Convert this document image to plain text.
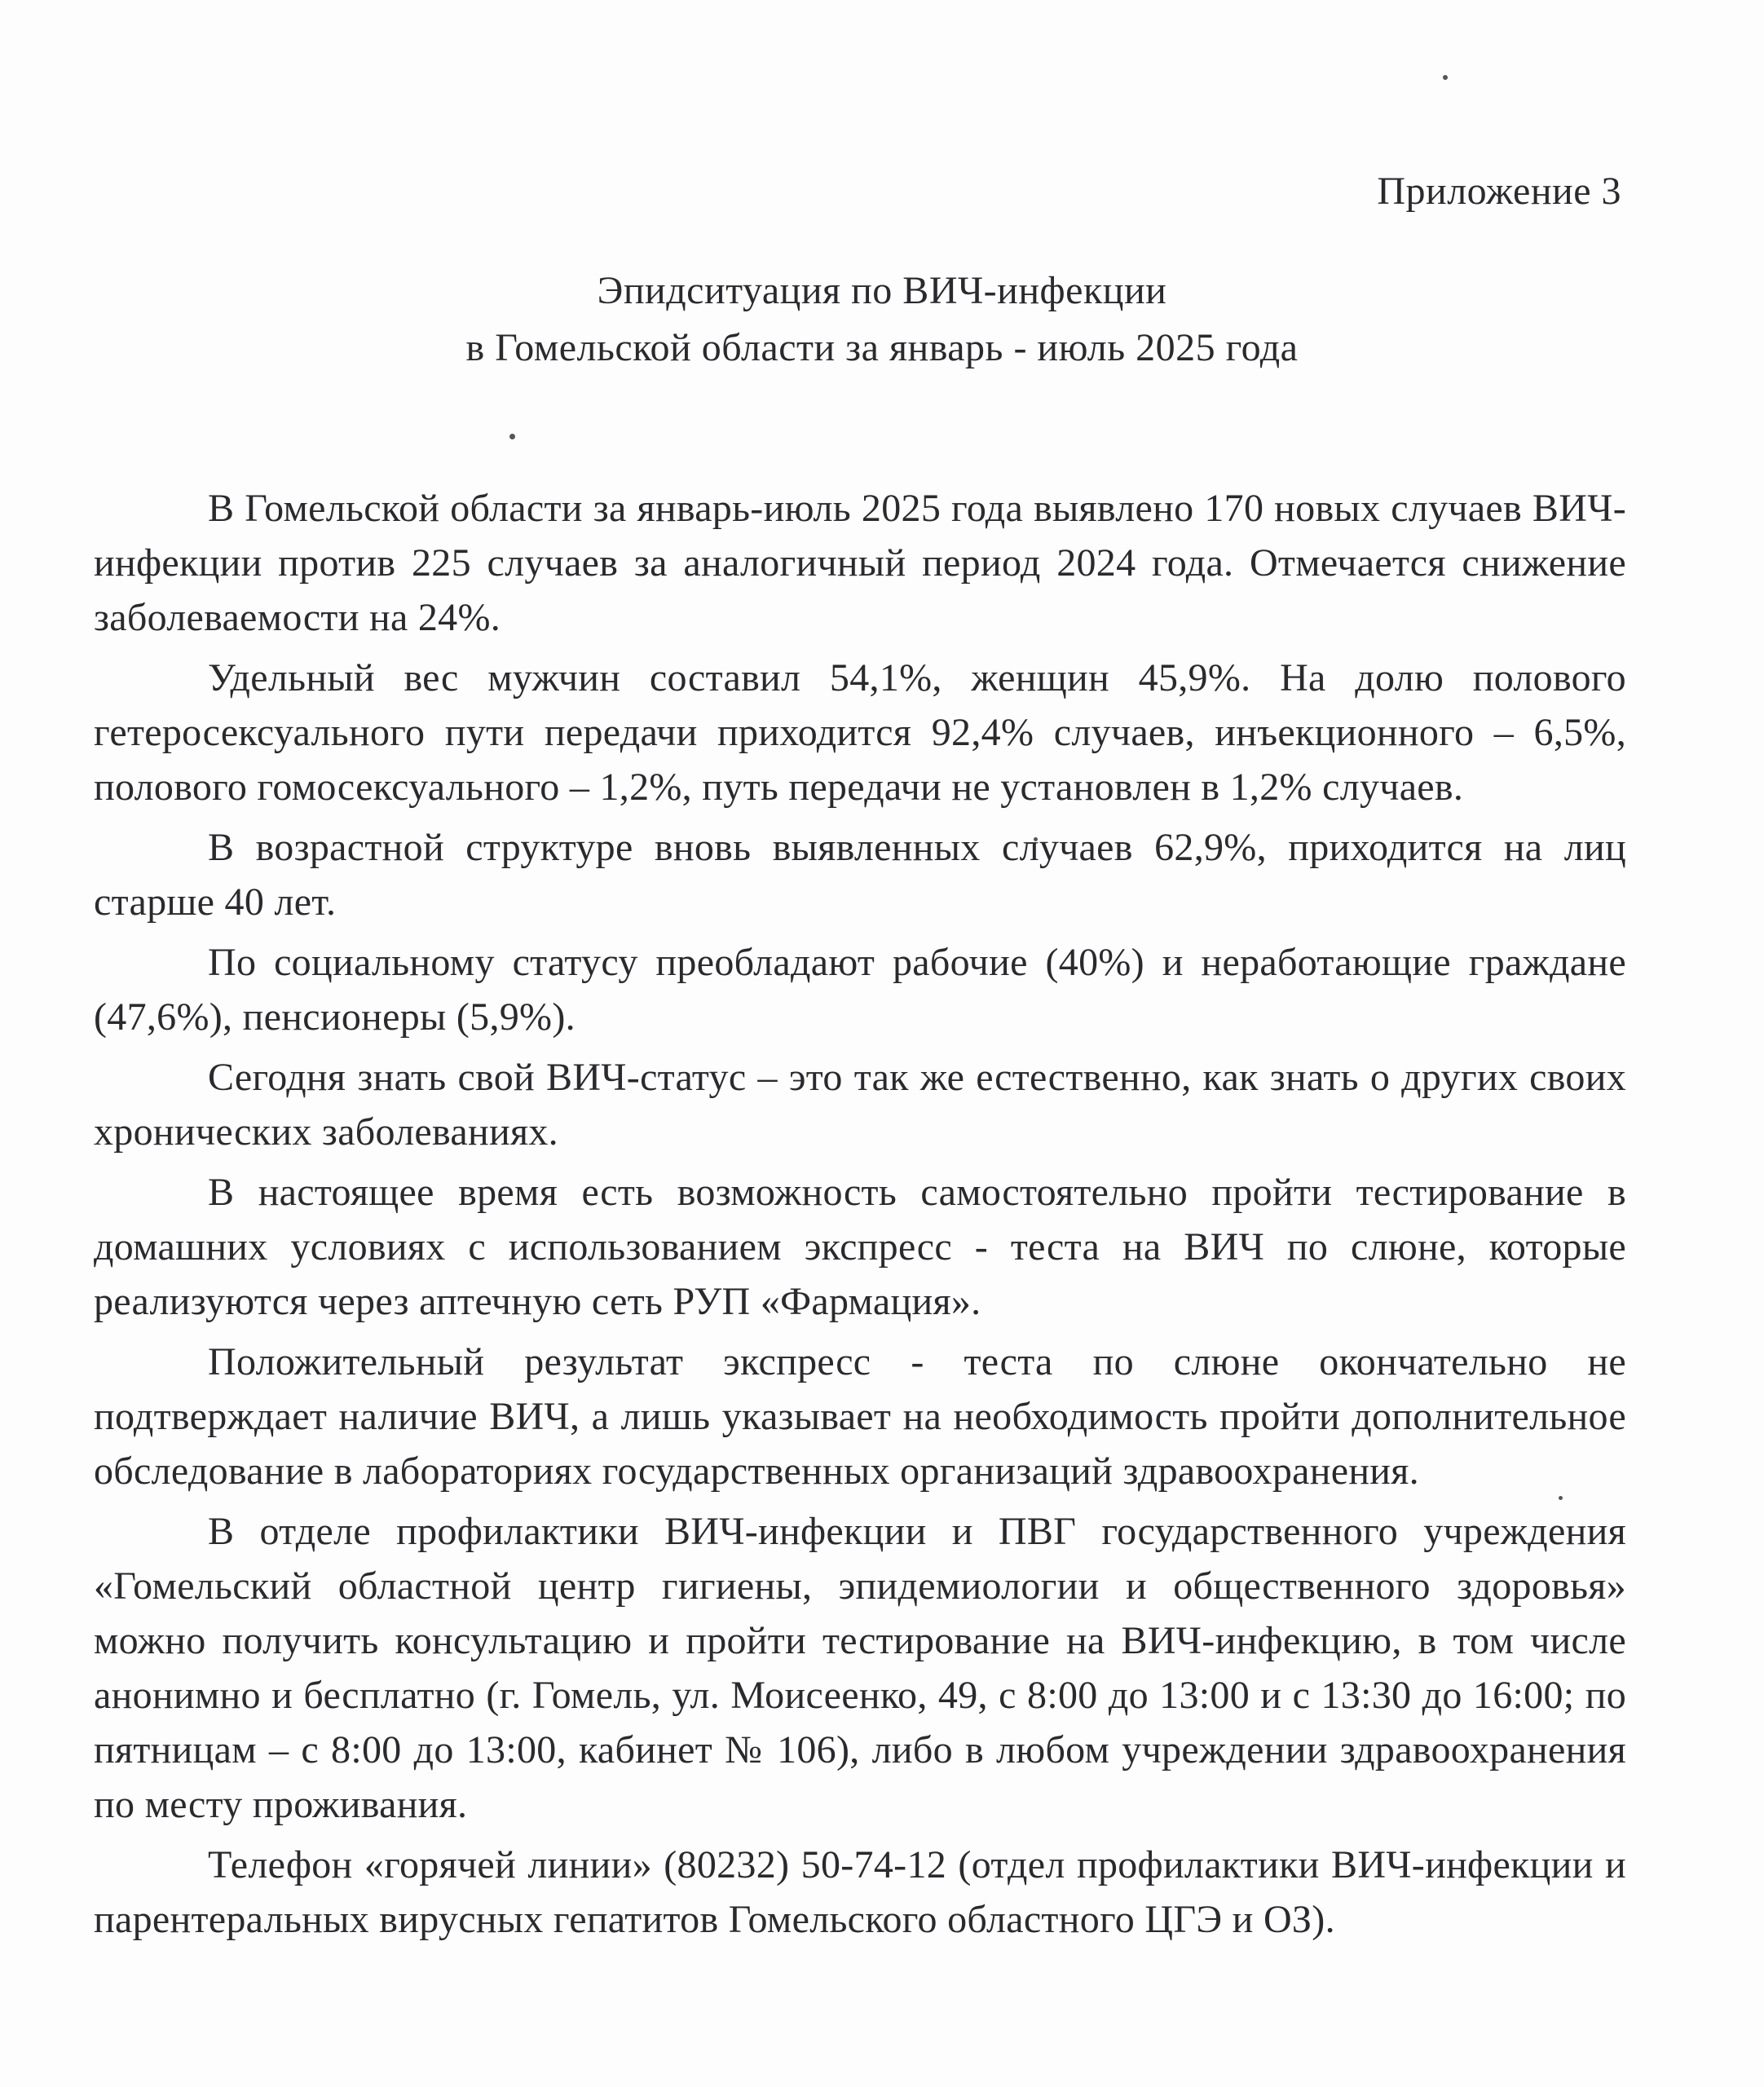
Приложение 3
Эпидситуация по ВИЧ-инфекции
в Гомельской области за январь - июль 2025 года

В Гомельской области за январь-июль 2025 года выявлено 170 новых случаев ВИЧ-инфекции против 225 случаев за аналогичный период 2024 года. Отмечается снижение заболеваемости на 24%.

Удельный вес мужчин составил 54,1%, женщин 45,9%. На долю полового гетеросексуального пути передачи приходится 92,4% случаев, инъекционного – 6,5%, полового гомосексуального – 1,2%, путь передачи не установлен в 1,2% случаев.

В возрастной структуре вновь выявленных случаев 62,9%, приходится на лиц старше 40 лет.

По социальному статусу преобладают рабочие (40%) и неработающие граждане (47,6%), пенсионеры (5,9%).

Сегодня знать свой ВИЧ-статус – это так же естественно, как знать о других своих хронических заболеваниях.

В настоящее время есть возможность самостоятельно пройти тестирование в домашних условиях с использованием экспресс - теста на ВИЧ по слюне, которые реализуются через аптечную сеть РУП «Фармация».

Положительный результат экспресс - теста по слюне окончательно не подтверждает наличие ВИЧ, а лишь указывает на необходимость пройти дополнительное обследование в лабораториях государственных организаций здравоохранения.

В отделе профилактики ВИЧ-инфекции и ПВГ государственного учреждения «Гомельский областной центр гигиены, эпидемиологии и общественного здоровья» можно получить консультацию и пройти тестирование на ВИЧ-инфекцию, в том числе анонимно и бесплатно (г. Гомель, ул. Моисеенко, 49, с 8:00 до 13:00 и с 13:30 до 16:00; по пятницам – с 8:00 до 13:00, кабинет № 106), либо в любом учреждении здравоохранения по месту проживания.

Телефон «горячей линии» (80232) 50-74-12 (отдел профилактики ВИЧ-инфекции и парентеральных вирусных гепатитов Гомельского областного ЦГЭ и ОЗ).
